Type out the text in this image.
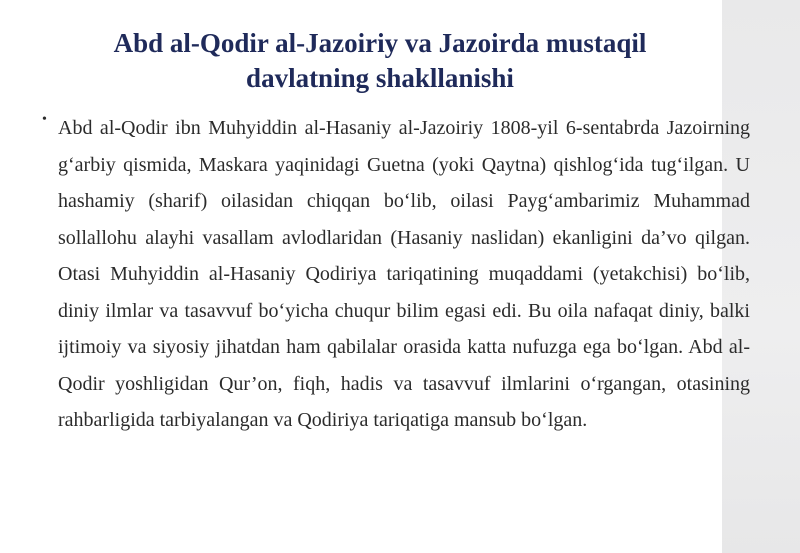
Abd al-Qodir al-Jazoiriy va Jazoirda mustaqil
davlatning shakllanishi
• Abd al-Qodir ibn Muhyiddin al-Hasaniy al-Jazoiriy 1808-yil 6-sentabrda Jazoirning g‘arbiy qismida, Maskara yaqinidagi Guetna (yoki Qaytna) qishlog‘ida tug‘ilgan. U hashamiy (sharif) oilasidan chiqqan bo‘lib, oilasi Payg‘ambarimiz Muhammad sollallohu alayhi vasallam avlodlaridan (Hasaniy naslidan) ekanligini da’vo qilgan. Otasi Muhyiddin al-Hasaniy Qodiriya tariqatining muqaddami (yetakchisi) bo‘lib, diniy ilmlar va tasavvuf bo‘yicha chuqur bilim egasi edi. Bu oila nafaqat diniy, balki ijtimoiy va siyosiy jihatdan ham qabilalar orasida katta nufuzga ega bo‘lgan. Abd al-Qodir yoshligidan Qur’on, fiqh, hadis va tasavvuf ilmlarini o‘rgangan, otasining rahbarligida tarbiyalangan va Qodiriya tariqatiga mansub bo‘lgan.
